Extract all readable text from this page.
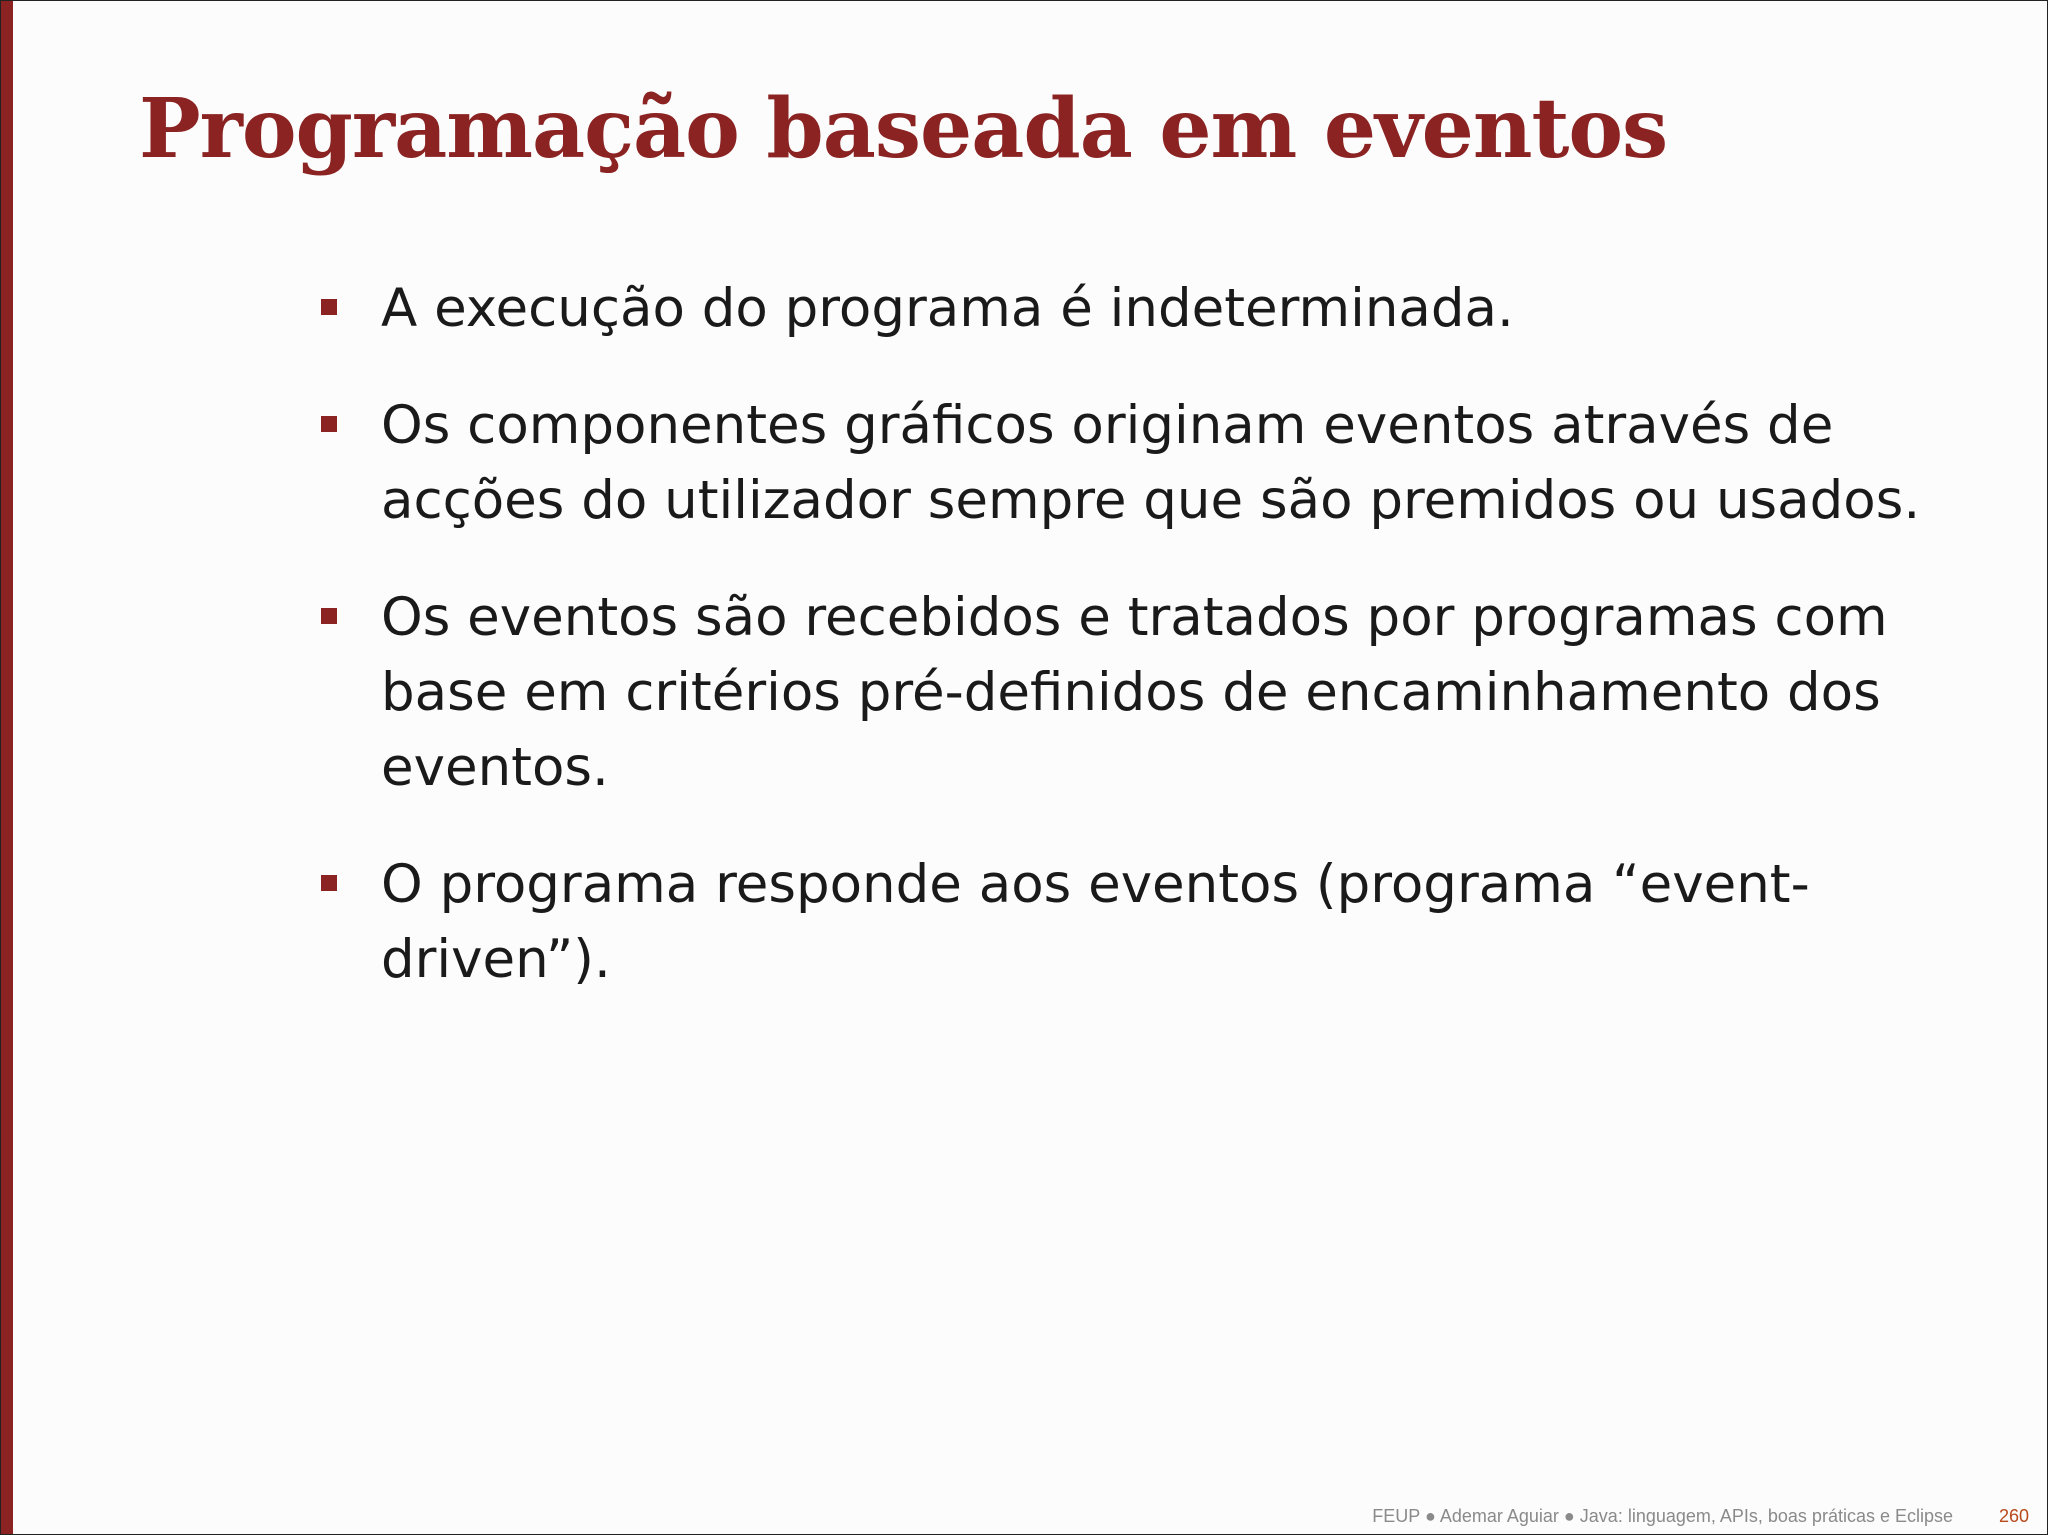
Programação baseada em eventos
A execução do programa é indeterminada.
Os componentes gráficos originam eventos através de acções do utilizador sempre que são premidos ou usados.
Os eventos são recebidos e tratados por programas com base em critérios pré-definidos de encaminhamento dos eventos.
O programa responde aos eventos (programa “event-driven”).
FEUP ● Ademar Aguiar ● Java: linguagem, APIs, boas práticas e Eclipse	260
